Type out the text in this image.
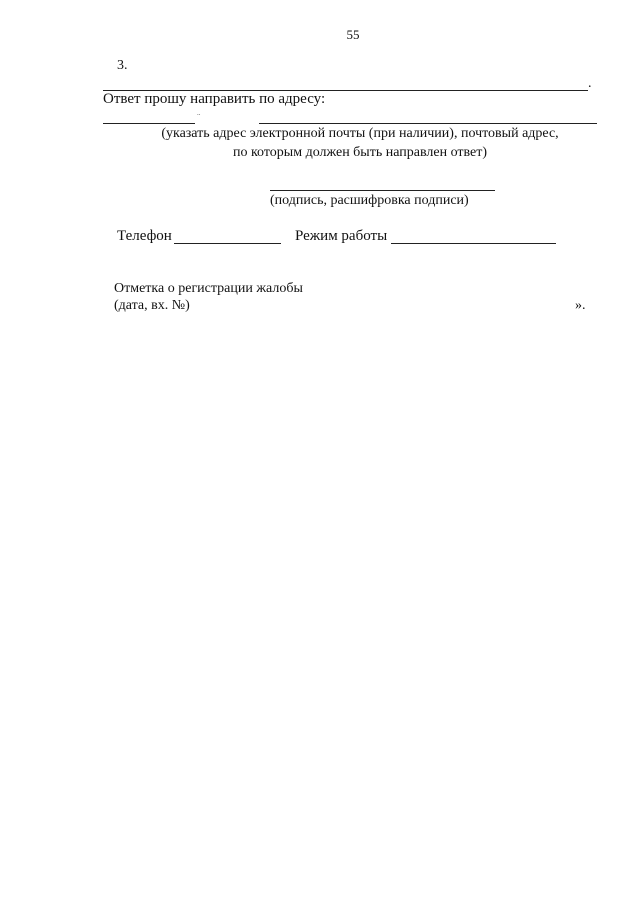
55
3.
.
Ответ прошу направить по адресу:
..
(указать адрес электронной почты (при наличии), почтовый адрес,
по которым должен быть направлен ответ)
(подпись, расшифровка подписи)
Телефон	Режим работы
Отметка о регистрации жалобы
(дата, вх. №)	».
